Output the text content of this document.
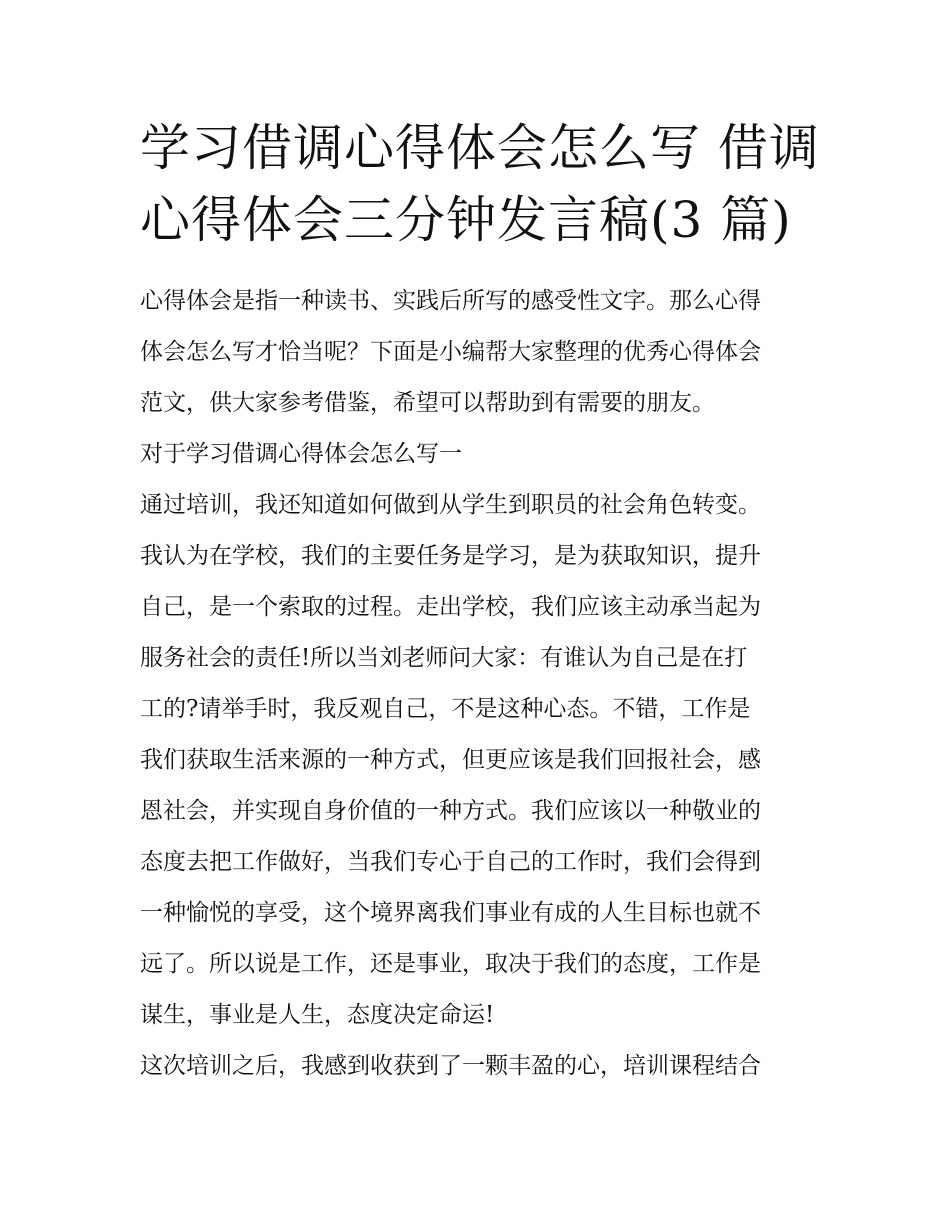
学习借调心得体会怎么写 借调
心得体会三分钟发言稿(3 篇)
心得体会是指一种读书、实践后所写的感受性文字。那么心得
体会怎么写才恰当呢？下面是小编帮大家整理的优秀心得体会
范文，供大家参考借鉴，希望可以帮助到有需要的朋友。
对于学习借调心得体会怎么写一
通过培训，我还知道如何做到从学生到职员的社会角色转变。
我认为在学校，我们的主要任务是学习，是为获取知识，提升
自己，是一个索取的过程。走出学校，我们应该主动承当起为
服务社会的责任!所以当刘老师问大家：有谁认为自己是在打
工的?请举手时，我反观自己，不是这种心态。不错，工作是
我们获取生活来源的一种方式，但更应该是我们回报社会，感
恩社会，并实现自身价值的一种方式。我们应该以一种敬业的
态度去把工作做好，当我们专心于自己的工作时，我们会得到
一种愉悦的享受，这个境界离我们事业有成的人生目标也就不
远了。所以说是工作，还是事业，取决于我们的态度，工作是
谋生，事业是人生，态度决定命运!
这次培训之后，我感到收获到了一颗丰盈的心，培训课程结合
